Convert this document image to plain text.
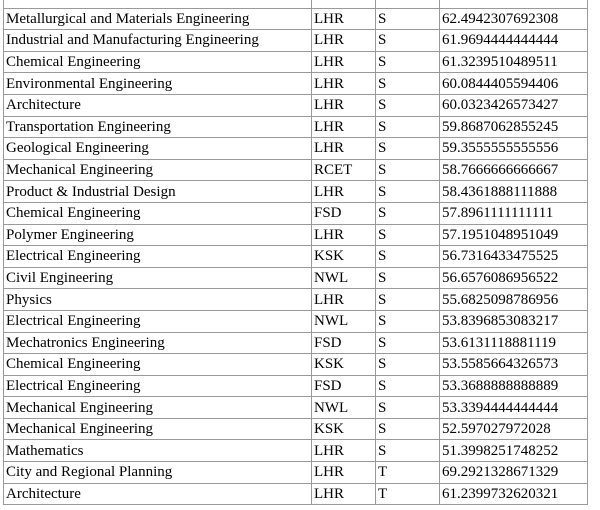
Metallurgical and Materials Engineering	LHR	S	62.4942307692308
Industrial and Manufacturing Engineering	LHR	S	61.9694444444444
Chemical Engineering	LHR	S	61.3239510489511
Environmental Engineering	LHR	S	60.0844405594406
Architecture	LHR	S	60.0323426573427
Transportation Engineering	LHR	S	59.8687062855245
Geological Engineering	LHR	S	59.3555555555556
Mechanical Engineering	RCET	S	58.7666666666667
Product & Industrial Design	LHR	S	58.4361888111888
Chemical Engineering	FSD	S	57.8961111111111
Polymer Engineering	LHR	S	57.1951048951049
Electrical Engineering	KSK	S	56.7316433475525
Civil Engineering	NWL	S	56.6576086956522
Physics	LHR	S	55.6825098786956
Electrical Engineering	NWL	S	53.8396853083217
Mechatronics Engineering	FSD	S	53.6131118881119
Chemical Engineering	KSK	S	53.5585664326573
Electrical Engineering	FSD	S	53.3688888888889
Mechanical Engineering	NWL	S	53.3394444444444
Mechanical Engineering	KSK	S	52.597027972028
Mathematics	LHR	S	51.3998251748252
City and Regional Planning	LHR	T	69.2921328671329
Architecture	LHR	T	61.2399732620321
